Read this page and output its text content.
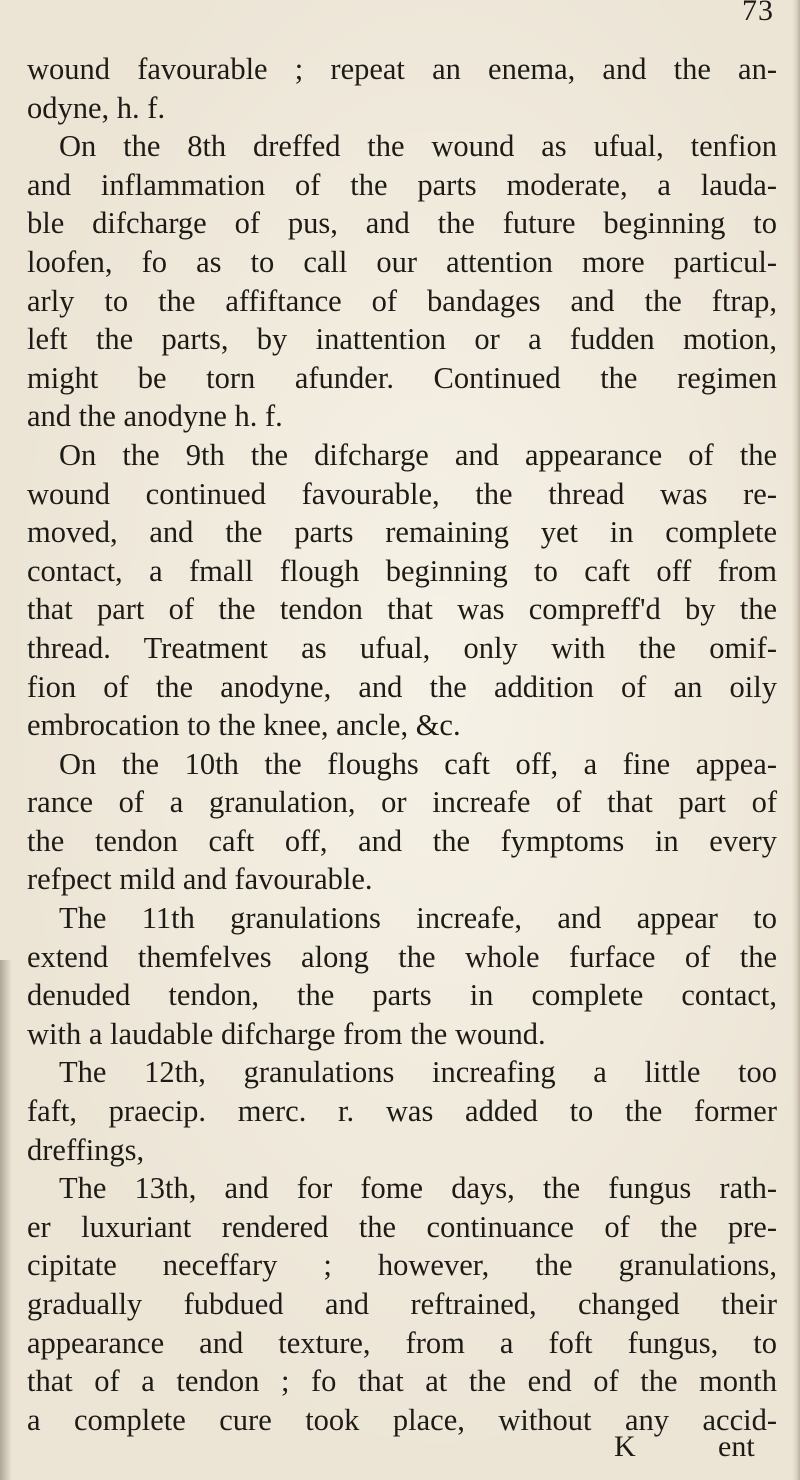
73
wound favourable ; repeat an enema, and the an-
odyne, h. f.
On the 8th dreffed the wound as ufual, tenfion
and inflammation of the parts moderate, a lauda-
ble difcharge of pus, and the future beginning to
loofen, fo as to call our attention more particul-
arly to the affiftance of bandages and the ftrap,
left the parts, by inattention or a fudden motion,
might be torn afunder. Continued the regimen
and the anodyne h. f.
On the 9th the difcharge and appearance of the
wound continued favourable, the thread was re-
moved, and the parts remaining yet in complete
contact, a fmall flough beginning to caft off from
that part of the tendon that was compreff'd by the
thread. Treatment as ufual, only with the omif-
fion of the anodyne, and the addition of an oily
embrocation to the knee, ancle, &c.
On the 10th the floughs caft off, a fine appea-
rance of a granulation, or increafe of that part of
the tendon caft off, and the fymptoms in every
refpect mild and favourable.
The 11th granulations increafe, and appear to
extend themfelves along the whole furface of the
denuded tendon, the parts in complete contact,
with a laudable difcharge from the wound.
The 12th, granulations increafing a little too
faft, praecip. merc. r. was added to the former
dreffings,
The 13th, and for fome days, the fungus rath-
er luxuriant rendered the continuance of the pre-
cipitate neceffary ; however, the granulations,
gradually fubdued and reftrained, changed their
appearance and texture, from a foft fungus, to
that of a tendon ; fo that at the end of the month
a complete cure took place, without any accid-
K	ent
